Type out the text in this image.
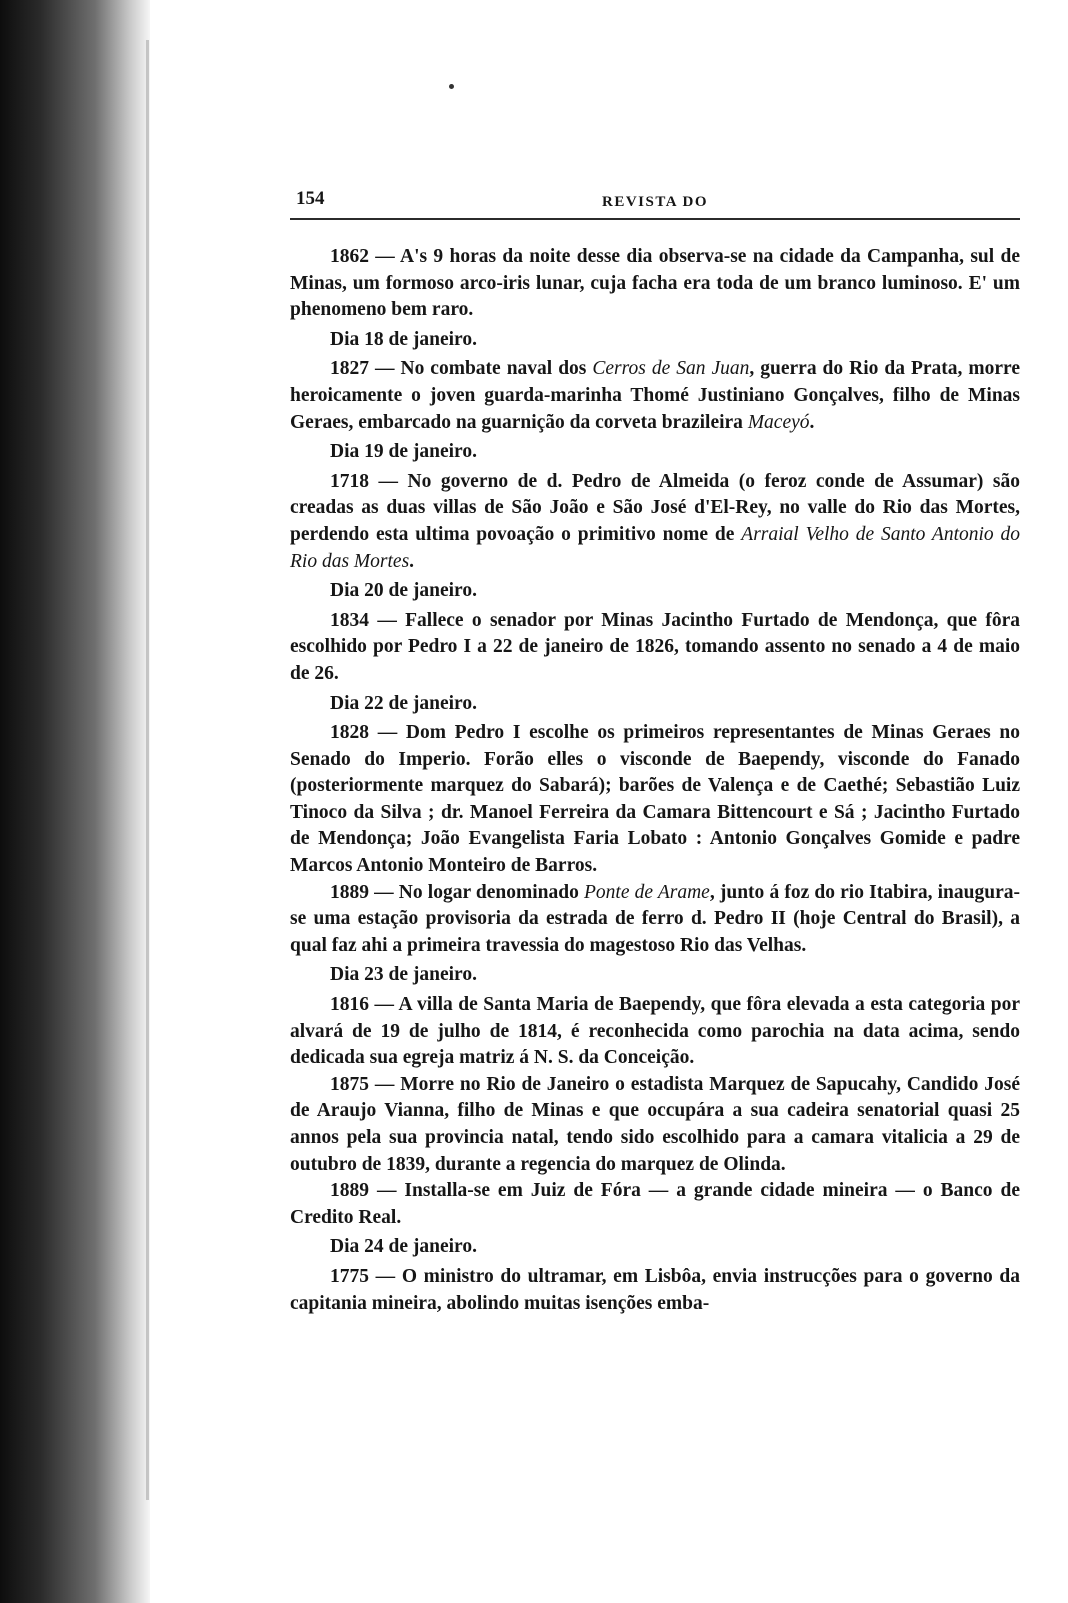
154	REVISTA DO

1862 — A's 9 horas da noite desse dia observa-se na cidade da Campanha, sul de Minas, um formoso arco-iris lunar, cuja facha era toda de um branco luminoso. E' um phenomeno bem raro.

Dia 18 de janeiro.

1827 — No combate naval dos Cerros de San Juan, guerra do Rio da Prata, morre heroicamente o joven guarda-marinha Thomé Justiniano Gonçalves, filho de Minas Geraes, embarcado na guarnição da corveta brazileira Maceyó.

Dia 19 de janeiro.

1718 — No governo de d. Pedro de Almeida (o feroz conde de Assumar) são creadas as duas villas de São João e São José d'El-Rey, no valle do Rio das Mortes, perdendo esta ultima povoação o primitivo nome de Arraial Velho de Santo Antonio do Rio das Mortes.

Dia 20 de janeiro.

1834 — Fallece o senador por Minas Jacintho Furtado de Mendonça, que fôra escolhido por Pedro I a 22 de janeiro de 1826, tomando assento no senado a 4 de maio de 26.

Dia 22 de janeiro.

1828 — Dom Pedro I escolhe os primeiros representantes de Minas Geraes no Senado do Imperio. Forão elles o visconde de Baependy, visconde do Fanado (posteriormente marquez do Sabará); barões de Valença e de Caethé; Sebastião Luiz Tinoco da Silva ; dr. Manoel Ferreira da Camara Bittencourt e Sá ; Jacintho Furtado de Mendonça; João Evangelista Faria Lobato : Antonio Gonçalves Gomide e padre Marcos Antonio Monteiro de Barros.

1889 — No logar denominado Ponte de Arame, junto á foz do rio Itabira, inaugura-se uma estação provisoria da estrada de ferro d. Pedro II (hoje Central do Brasil), a qual faz ahi a primeira travessia do magestoso Rio das Velhas.

Dia 23 de janeiro.

1816 — A villa de Santa Maria de Baependy, que fôra elevada a esta categoria por alvará de 19 de julho de 1814, é reconhecida como parochia na data acima, sendo dedicada sua egreja matriz á N. S. da Conceição.

1875 — Morre no Rio de Janeiro o estadista Marquez de Sapucahy, Candido José de Araujo Vianna, filho de Minas e que occupára a sua cadeira senatorial quasi 25 annos pela sua provincia natal, tendo sido escolhido para a camara vitalicia a 29 de outubro de 1839, durante a regencia do marquez de Olinda.

1889 — Installa-se em Juiz de Fóra — a grande cidade mineira — o Banco de Credito Real.

Dia 24 de janeiro.

1775 — O ministro do ultramar, em Lisbôa, envia instrucções para o governo da capitania mineira, abolindo muitas isenções emba-
